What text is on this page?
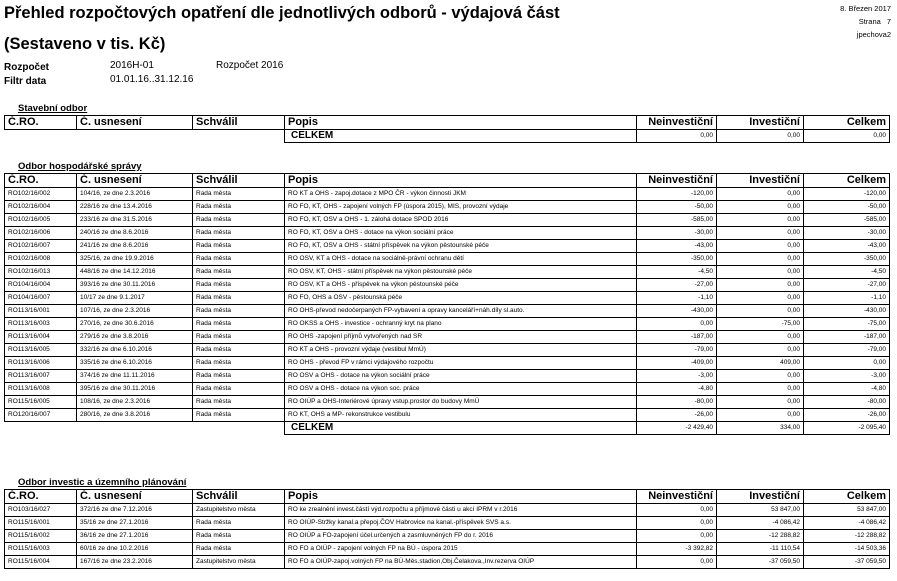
Přehled rozpočtových opatření dle jednotlivých odborů - výdajová část
(Sestaveno v tis. Kč)
8. Březen 2017
Strana 7
jpechova2
Rozpočet	2016H-01	Rozpočet 2016
Filtr data	01.01.16..31.12.16
Stavební odbor
Č.RO.	Č. usnesení	Schválil	Popis	Neinvestiční	Investiční	Celkem
			CELKEM	0,00	0,00	0,00
Odbor hospodářské správy
Č.RO.	Č. usnesení	Schválil	Popis	Neinvestiční	Investiční	Celkem
RO102/16/002	104/16, ze dne 2.3.2016	Rada města	RO KT a OHS - zapoj.dotace z MPO ČR - výkon činnosti JKM	-120,00	0,00	-120,00
RO102/16/004	228/16 ze dne 13.4.2016	Rada města	RO FO, KT, OHS - zapojení volných FP (úspora 2015), MIS, provozní výdaje	-50,00	0,00	-50,00
RO102/16/005	233/16 ze dne 31.5.2016	Rada města	RO FO, KT, OSV a OHS - 1. zálohá dotace SPOD 2016	-585,00	0,00	-585,00
RO102/16/006	240/16 ze dne 8.6.2016	Rada města	RO FO, KT, OSV a OHS - dotace na výkon sociální práce	-30,00	0,00	-30,00
RO102/16/007	241/16 ze dne 8.6.2016	Rada města	RO FO, KT, OSV a OHS - státní příspěvek na výkon pěstounské péče	-43,00	0,00	-43,00
RO102/16/008	325/16, ze dne 19.9.2016	Rada města	RO OSV, KT a OHS - dotace na sociálně-právní ochranu dětí	-350,00	0,00	-350,00
RO102/16/013	448/16 ze dne 14.12.2016	Rada města	RO OSV, KT, OHS - státní příspěvek na výkon pěstounské péče	-4,50	0,00	-4,50
RO104/16/004	393/16 ze dne 30.11.2016	Rada města	RO OSV, KT a OHS - příspěvek na výkon pěstounské péče	-27,00	0,00	-27,00
RO104/16/007	10/17 ze dne 9.1.2017	Rada města	RO FO, OHS a OSV - pěstounská péče	-1,10	0,00	-1,10
RO113/16/001	107/16, ze dne 2.3.2016	Rada města	RO OHS-převod nedočerpaných FP-vybavení a opravy kanceláří+náh.díly sl.auto.	-430,00	0,00	-430,00
RO113/16/003	270/16, ze dne 30.6.2016	Rada města	RO OKSS a OHS - investice - ochranný kryt na plano	0,00	-75,00	-75,00
RO113/16/004	279/16 ze dne 3.8.2016	Rada města	RO OHS -zapojení příjmů vytvořených nad SR	-187,00	0,00	-187,00
RO113/16/005	332/16 ze dne 6.10.2016	Rada města	RO KT a OHS - provozní výdaje (vestibul MmÚ)	-79,00	0,00	-79,00
RO113/16/006	335/16 ze dne 6.10.2016	Rada města	RO OHS - převod FP v rámci výdajového rozpočtu	-409,00	409,00	0,00
RO113/16/007	374/16 ze dne 11.11.2016	Rada města	RO OSV a OHS - dotace na výkon sociální práce	-3,00	0,00	-3,00
RO113/16/008	395/16 ze dne 30.11.2016	Rada města	RO OSV a OHS - dotace na výkon soc. práce	-4,80	0,00	-4,80
RO115/16/005	108/16, ze dne 2.3.2016	Rada města	RO OIÚP a OHS-Interiérové úpravy vstup.prostor do budovy MmÚ	-80,00	0,00	-80,00
RO120/16/007	280/16, ze dne 3.8.2016	Rada města	RO KT, OHS a MP- rekonstrukce vestibulu	-26,00	0,00	-26,00
			CELKEM	-2 429,40	334,00	-2 095,40
Odbor investic a územního plánování
Č.RO.	Č. usnesení	Schválil	Popis	Neinvestiční	Investiční	Celkem
RO103/16/027	372/16 ze dne 7.12.2016	Zastupitelstvo města	RO ke zrealnění invest.částí výd.rozpočtu a příjmové části u akcí IPRM v r.2016	0,00	53 847,00	53 847,00
RO115/16/001	35/16 ze dne 27.1.2016	Rada města	RO OIÚP-Stržky kanal.a přepoj.ČOV Habrovice na kanal.-příspěvek SVS a.s.	0,00	-4 086,42	-4 086,42
RO115/16/002	36/16 ze dne 27.1.2016	Rada města	RO OIÚP a FO-zapojení účel.určených a zasmluvněných FP do r. 2016	0,00	-12 288,82	-12 288,82
RO115/16/003	60/16 ze dne 10.2.2016	Rada města	RO FO a OIÚP - zapojení volných FP na BÚ - úspora 2015	-3 392,82	-11 110,54	-14 503,36
RO115/16/004	167/16 ze dne 23.2.2016	Zastupitelstvo města	RO FO a OIÚP-zapoj.volných FP na BÚ-Měs.stadion,Obj.Čelakova.,Inv.rezerva OIÚP	0,00	-37 059,50	-37 059,50
